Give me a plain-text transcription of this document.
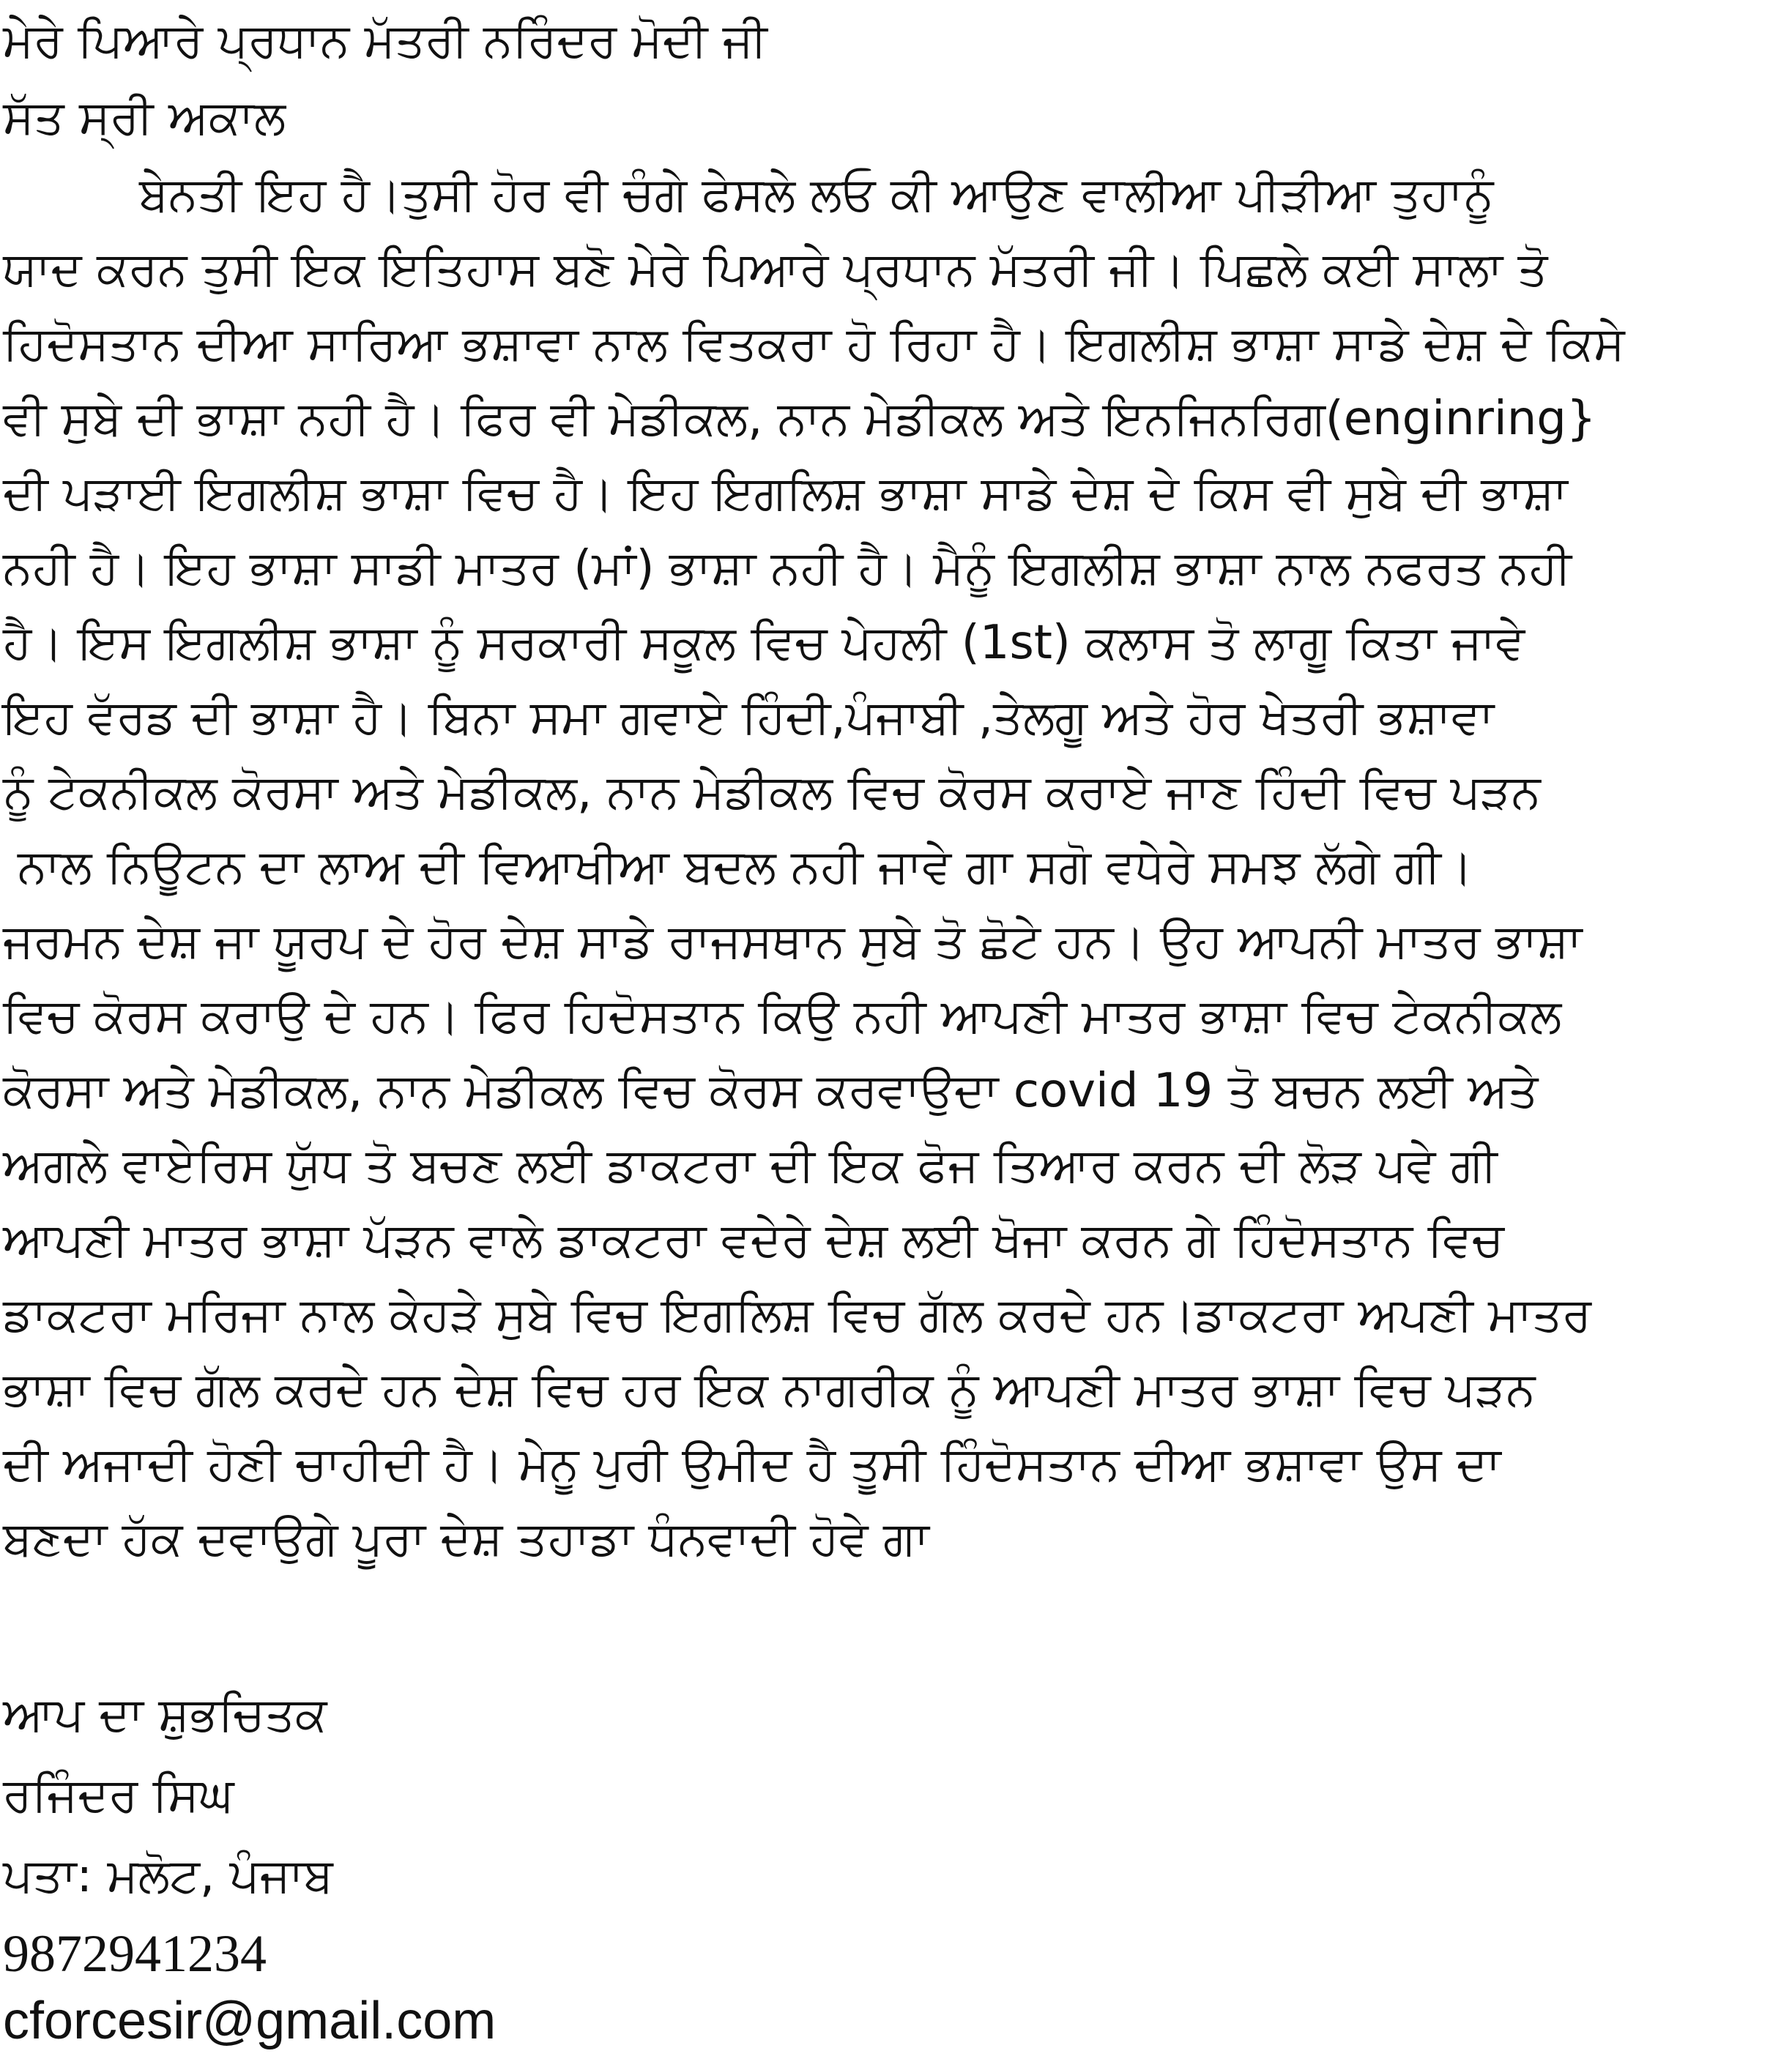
ਮੇਰੇ ਪਿਆਰੇ ਪ੍ਰਧਾਨ ਮੱਤਰੀ ਨਰਿੰਦਰ ਮੋਦੀ ਜੀ
ਸੱਤ ਸ੍ਰੀ ਅਕਾਲ
ਬੇਨਤੀ ਇਹ ਹੈ।ਤੁਸੀ ਹੋਰ ਵੀ ਚੰਗੇ ਫੇਸਲੇ ਲਓ ਕੀ ਆਉਣ ਵਾਲੀਆ ਪੀੜੀਆ ਤੁਹਾਨੂੰ
ਯਾਦ ਕਰਨ ਤੁਸੀ ਇਕ ਇਤਿਹਾਸ ਬਣੋ ਮੇਰੇ ਪਿਆਰੇ ਪ੍ਰਧਾਨ ਮੱਤਰੀ ਜੀ। ਪਿਛਲੇ ਕਈ ਸਾਲਾ ਤੋ
ਹਿਦੋਸਤਾਨ ਦੀਆ ਸਾਰਿਆ ਭਸ਼ਾਵਾ ਨਾਲ ਵਿਤਕਰਾ ਹੋ ਰਿਹਾ ਹੈ। ਇਗਲੀਸ਼ ਭਾਸ਼ਾ ਸਾਡੇ ਦੇਸ਼ ਦੇ ਕਿਸੇ
ਵੀ ਸੁਬੇ ਦੀ ਭਾਸ਼ਾ ਨਹੀ ਹੈ। ਫਿਰ ਵੀ ਮੇਡੀਕਲ, ਨਾਨ ਮੇਡੀਕਲ ਅਤੇ ਇਨਜਿਨਰਿਗ(enginring}
ਦੀ ਪੜਾਈ ਇਗਲੀਸ਼ ਭਾਸ਼ਾ ਵਿਚ ਹੈ। ਇਹ ਇਗਲਿਸ਼ ਭਾਸ਼ਾ ਸਾਡੇ ਦੇਸ਼ ਦੇ ਕਿਸ ਵੀ ਸੁਬੇ ਦੀ ਭਾਸ਼ਾ
ਨਹੀ ਹੈ। ਇਹ ਭਾਸ਼ਾ ਸਾਡੀ ਮਾਤਰ (ਮਾਂ) ਭਾਸ਼ਾ ਨਹੀ ਹੈ। ਮੈਨੂੰ ਇਗਲੀਸ਼ ਭਾਸ਼ਾ ਨਾਲ ਨਫਰਤ ਨਹੀ
ਹੈ। ਇਸ ਇਗਲੀਸ਼ ਭਾਸ਼ਾ ਨੂੰ ਸਰਕਾਰੀ ਸਕੂਲ ਵਿਚ ਪੇਹਲੀ (1st) ਕਲਾਸ ਤੋ ਲਾਗੂ ਕਿਤਾ ਜਾਵੇ
ਇਹ ਵੱਰਡ ਦੀ ਭਾਸ਼ਾ ਹੈ। ਬਿਨਾ ਸਮਾ ਗਵਾਏ ਹਿੰਦੀ,ਪੰਜਾਬੀ ,ਤੇਲਗੂ ਅਤੇ ਹੋਰ ਖੇਤਰੀ ਭਸ਼ਾਵਾ
ਨੂੰ ਟੇਕਨੀਕਲ ਕੋਰਸਾ ਅਤੇ ਮੇਡੀਕਲ, ਨਾਨ ਮੇਡੀਕਲ ਵਿਚ ਕੋਰਸ ਕਰਾਏ ਜਾਣ ਹਿੰਦੀ ਵਿਚ ਪੜਨ
ਨਾਲ ਨਿਊਟਨ ਦਾ ਲਾਅ ਦੀ ਵਿਆਖੀਆ ਬਦਲ ਨਹੀ ਜਾਵੇ ਗਾ ਸਗੋ ਵਧੇਰੇ ਸਮਝ ਲੱਗੇ ਗੀ।
ਜਰਮਨ ਦੇਸ਼ ਜਾ ਯੂਰਪ ਦੇ ਹੋਰ ਦੇਸ਼ ਸਾਡੇ ਰਾਜਸਥਾਨ ਸੁਬੇ ਤੋ ਛੋਟੇ ਹਨ। ਉਹ ਆਪਨੀ ਮਾਤਰ ਭਾਸ਼ਾ
ਵਿਚ ਕੋਰਸ ਕਰਾਉ ਦੇ ਹਨ। ਫਿਰ ਹਿਦੋਸਤਾਨ ਕਿਉ ਨਹੀ ਆਪਣੀ ਮਾਤਰ ਭਾਸ਼ਾ ਵਿਚ ਟੇਕਨੀਕਲ
ਕੋਰਸਾ ਅਤੇ ਮੇਡੀਕਲ, ਨਾਨ ਮੇਡੀਕਲ ਵਿਚ ਕੋਰਸ ਕਰਵਾਉਦਾ covid 19 ਤੋ ਬਚਨ ਲਈ ਅਤੇ
ਅਗਲੇ ਵਾਏਰਿਸ ਯੁੱਧ ਤੋ ਬਚਣ ਲਈ ਡਾਕਟਰਾ ਦੀ ਇਕ ਫੋਜ ਤਿਆਰ ਕਰਨ ਦੀ ਲੋੜ ਪਵੇ ਗੀ
ਆਪਣੀ ਮਾਤਰ ਭਾਸ਼ਾ ਪੱੜਨ ਵਾਲੇ ਡਾਕਟਰਾ ਵਦੇਰੇ ਦੇਸ਼ ਲਈ ਖੋਜਾ ਕਰਨ ਗੇ ਹਿੰਦੋਸਤਾਨ ਵਿਚ
ਡਾਕਟਰਾ ਮਰਿਜਾ ਨਾਲ ਕੇਹੜੇ ਸੁਬੇ ਵਿਚ ਇਗਲਿਸ਼ ਵਿਚ ਗੱਲ ਕਰਦੇ ਹਨ।ਡਾਕਟਰਾ ਅਪਣੀ ਮਾਤਰ
ਭਾਸ਼ਾ ਵਿਚ ਗੱਲ ਕਰਦੇ ਹਨ ਦੇਸ਼ ਵਿਚ ਹਰ ਇਕ ਨਾਗਰੀਕ ਨੂੰ ਆਪਣੀ ਮਾਤਰ ਭਾਸ਼ਾ ਵਿਚ ਪੜਨ
ਦੀ ਅਜਾਦੀ ਹੋਣੀ ਚਾਹੀਦੀ ਹੈ। ਮੇਨੂ ਪੁਰੀ ਉਮੀਦ ਹੈ ਤੂਸੀ ਹਿੰਦੋਸਤਾਨ ਦੀਆ ਭਸ਼ਾਵਾ ਉਸ ਦਾ
ਬਣਦਾ ਹੱਕ ਦਵਾਉਗੇ ਪੂਰਾ ਦੇਸ਼ ਤਹਾਡਾ ਧੰਨਵਾਦੀ ਹੋਵੇ ਗਾ
ਆਪ ਦਾ ਸ਼ੁਭਚਿਤਕ
ਰਜਿੰਦਰ ਸਿਘ
ਪਤਾ: ਮਲੋਟ, ਪੰਜਾਬ
9872941234
cforcesir@gmail.com
